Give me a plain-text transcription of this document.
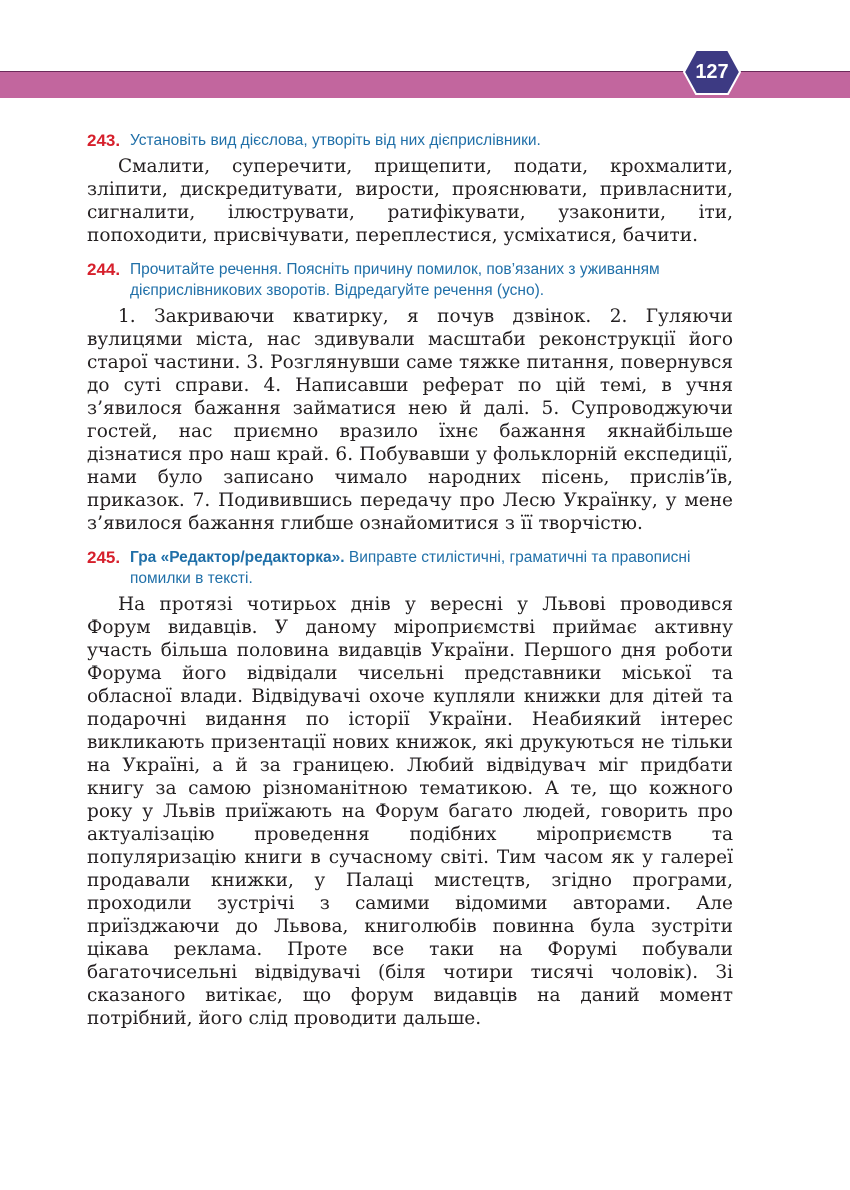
127
243. Установіть вид дієслова, утворіть від них дієприслівники.

Смалити, суперечити, прищепити, подати, крохмалити, зліпити, дискредитувати, вирости, прояснювати, привласнити, сигналити, ілюструвати, ратифікувати, узаконити, іти, попоходити, присвічувати, переплестися, усміхатися, бачити.

244. Прочитайте речення. Поясніть причину помилок, пов’язаних з уживанням дієприслівникових зворотів. Відредагуйте речення (усно).

1. Закриваючи кватирку, я почув дзвінок. 2. Гуляючи вулицями міста, нас здивували масштаби реконструкції його старої частини. 3. Розглянувши саме тяжке питання, повернувся до суті справи. 4. Написавши реферат по цій темі, в учня з’явилося бажання займатися нею й далі. 5. Супроводжуючи гостей, нас приємно вразило їхнє бажання якнайбільше дізнатися про наш край. 6. Побувавши у фольклорній експедиції, нами було записано чимало народних пісень, прислів’їв, приказок. 7. Подивившись передачу про Лесю Українку, у мене з’явилося бажання глибше ознайомитися з її творчістю.

245. Гра «Редактор/редакторка». Виправте стилістичні, граматичні та правописні помилки в тексті.

На протязі чотирьох днів у вересні у Львові проводився Форум видавців. У даному міроприємстві приймає активну участь більша половина видавців України. Першого дня роботи Форума його відвідали чисельні представники міської та обласної влади. Відвідувачі охоче купляли книжки для дітей та подарочні видання по історії України. Неабиякий інтерес викликають призентації нових книжок, які друкуються не тільки на Україні, а й за границею. Любий відвідувач міг придбати книгу за самою різноманітною тематикою. А те, що кожного року у Львів приїжають на Форум багато людей, говорить про актуалізацію проведення подібних міроприємств та популяризацію книги в сучасному світі. Тим часом як у галереї продавали книжки, у Палаці мистецтв, згідно програми, проходили зустрічі з самими відомими авторами. Але приїзджаючи до Львова, книголюбів повинна була зустріти цікава реклама. Проте все таки на Форумі побували багаточисельні відвідувачі (біля чотири тисячі чоловік). Зі сказаного витікає, що форум видавців на даний момент потрібний, його слід проводити дальше.
